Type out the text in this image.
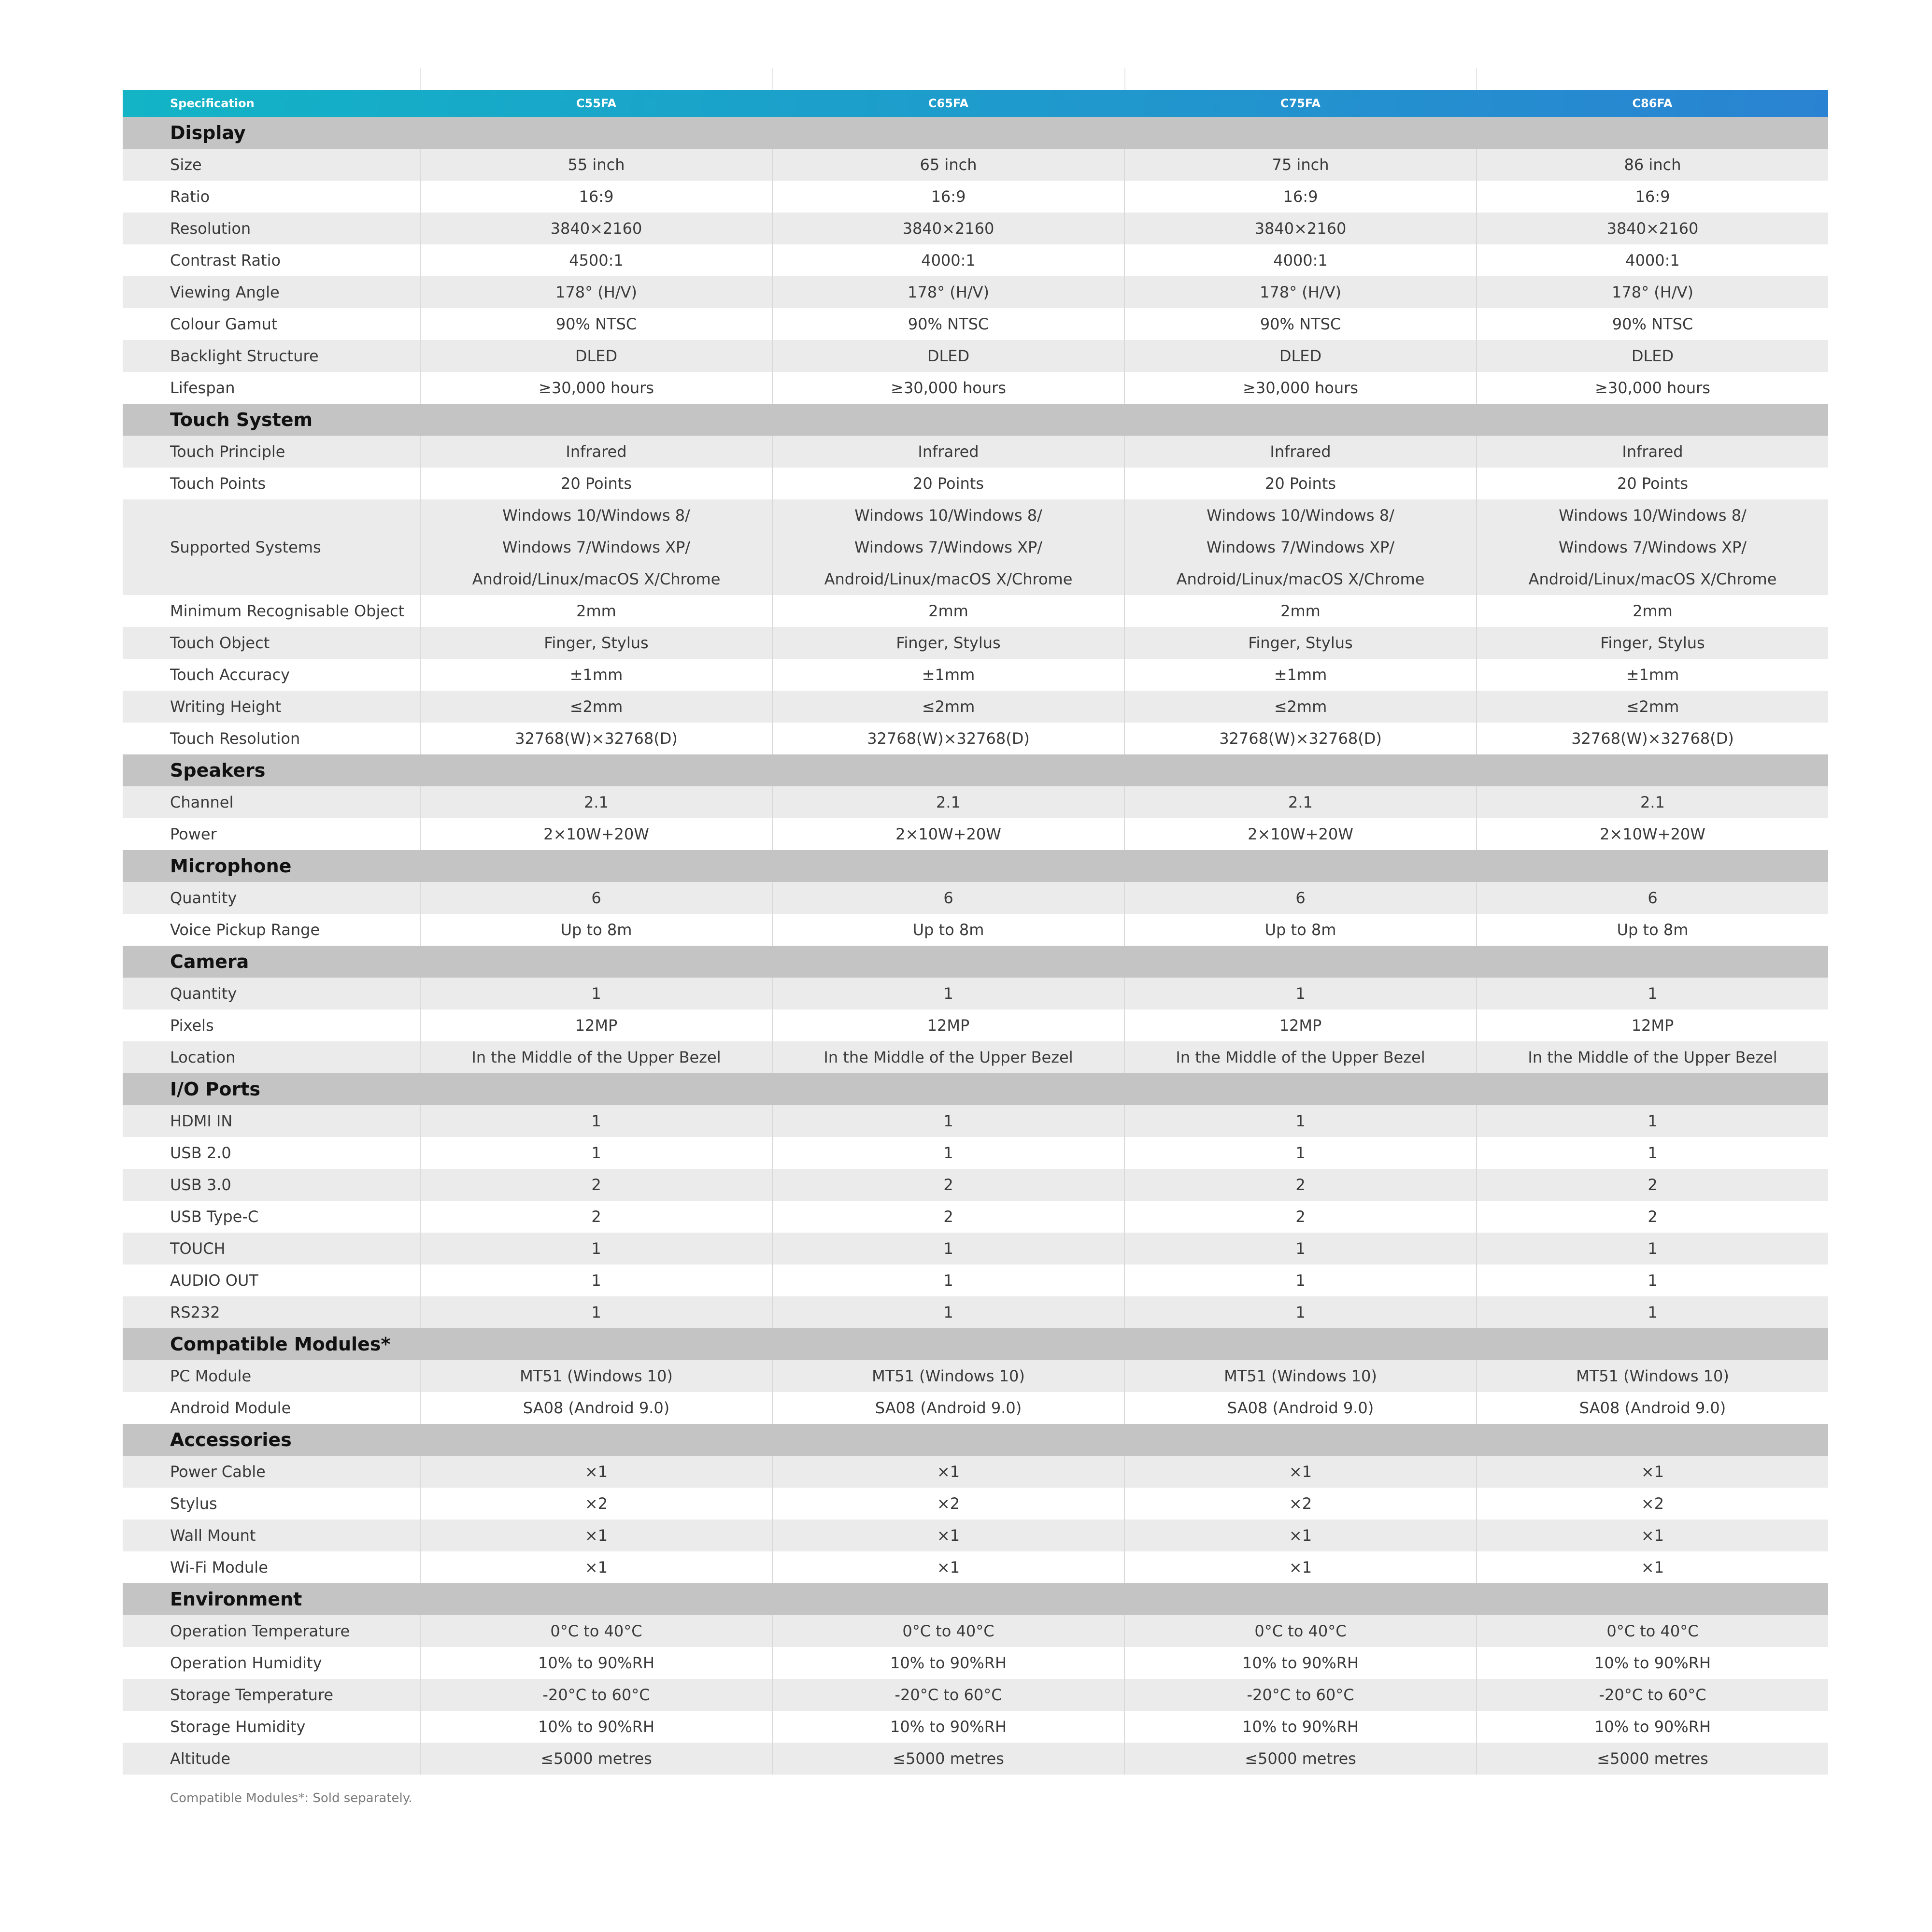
Specification	C55FA	C65FA	C75FA	C86FA
Display				
Size	55 inch	65 inch	75 inch	86 inch
Ratio	16:9	16:9	16:9	16:9
Resolution	3840×2160	3840×2160	3840×2160	3840×2160
Contrast Ratio	4500:1	4000:1	4000:1	4000:1
Viewing Angle	178° (H/V)	178° (H/V)	178° (H/V)	178° (H/V)
Colour Gamut	90% NTSC	90% NTSC	90% NTSC	90% NTSC
Backlight Structure	DLED	DLED	DLED	DLED
Lifespan	≥30,000 hours	≥30,000 hours	≥30,000 hours	≥30,000 hours
Touch System				
Touch Principle	Infrared	Infrared	Infrared	Infrared
Touch Points	20 Points	20 Points	20 Points	20 Points
Supported Systems	Windows 10/Windows 8/
Windows 7/Windows XP/
Android/Linux/macOS X/Chrome	Windows 10/Windows 8/
Windows 7/Windows XP/
Android/Linux/macOS X/Chrome	Windows 10/Windows 8/
Windows 7/Windows XP/
Android/Linux/macOS X/Chrome	Windows 10/Windows 8/
Windows 7/Windows XP/
Android/Linux/macOS X/Chrome

Minimum Recognisable Object	2mm	2mm	2mm	2mm
Touch Object	Finger, Stylus	Finger, Stylus	Finger, Stylus	Finger, Stylus
Touch Accuracy	±1mm	±1mm	±1mm	±1mm
Writing Height	≤2mm	≤2mm	≤2mm	≤2mm
Touch Resolution	32768(W)×32768(D)	32768(W)×32768(D)	32768(W)×32768(D)	32768(W)×32768(D)
Speakers				
Channel	2.1	2.1	2.1	2.1
Power	2×10W+20W	2×10W+20W	2×10W+20W	2×10W+20W
Microphone				
Quantity	6	6	6	6
Voice Pickup Range	Up to 8m	Up to 8m	Up to 8m	Up to 8m
Camera				
Quantity	1	1	1	1
Pixels	12MP	12MP	12MP	12MP
Location	In the Middle of the Upper Bezel	In the Middle of the Upper Bezel	In the Middle of the Upper Bezel	In the Middle of the Upper Bezel
I/O Ports				
HDMI IN	1	1	1	1
USB 2.0	1	1	1	1
USB 3.0	2	2	2	2
USB Type-C	2	2	2	2
TOUCH	1	1	1	1
AUDIO OUT	1	1	1	1
RS232	1	1	1	1
Compatible Modules*				
PC Module	MT51 (Windows 10)	MT51 (Windows 10)	MT51 (Windows 10)	MT51 (Windows 10)
Android Module	SA08 (Android 9.0)	SA08 (Android 9.0)	SA08 (Android 9.0)	SA08 (Android 9.0)
Accessories				
Power Cable	×1	×1	×1	×1
Stylus	×2	×2	×2	×2
Wall Mount	×1	×1	×1	×1
Wi-Fi Module	×1	×1	×1	×1
Environment				
Operation Temperature	0°C to 40°C	0°C to 40°C	0°C to 40°C	0°C to 40°C
Operation Humidity	10% to 90%RH	10% to 90%RH	10% to 90%RH	10% to 90%RH
Storage Temperature	-20°C to 60°C	-20°C to 60°C	-20°C to 60°C	-20°C to 60°C
Storage Humidity	10% to 90%RH	10% to 90%RH	10% to 90%RH	10% to 90%RH
Altitude	≤5000 metres	≤5000 metres	≤5000 metres	≤5000 metres
Compatible Modules*: Sold separately.
